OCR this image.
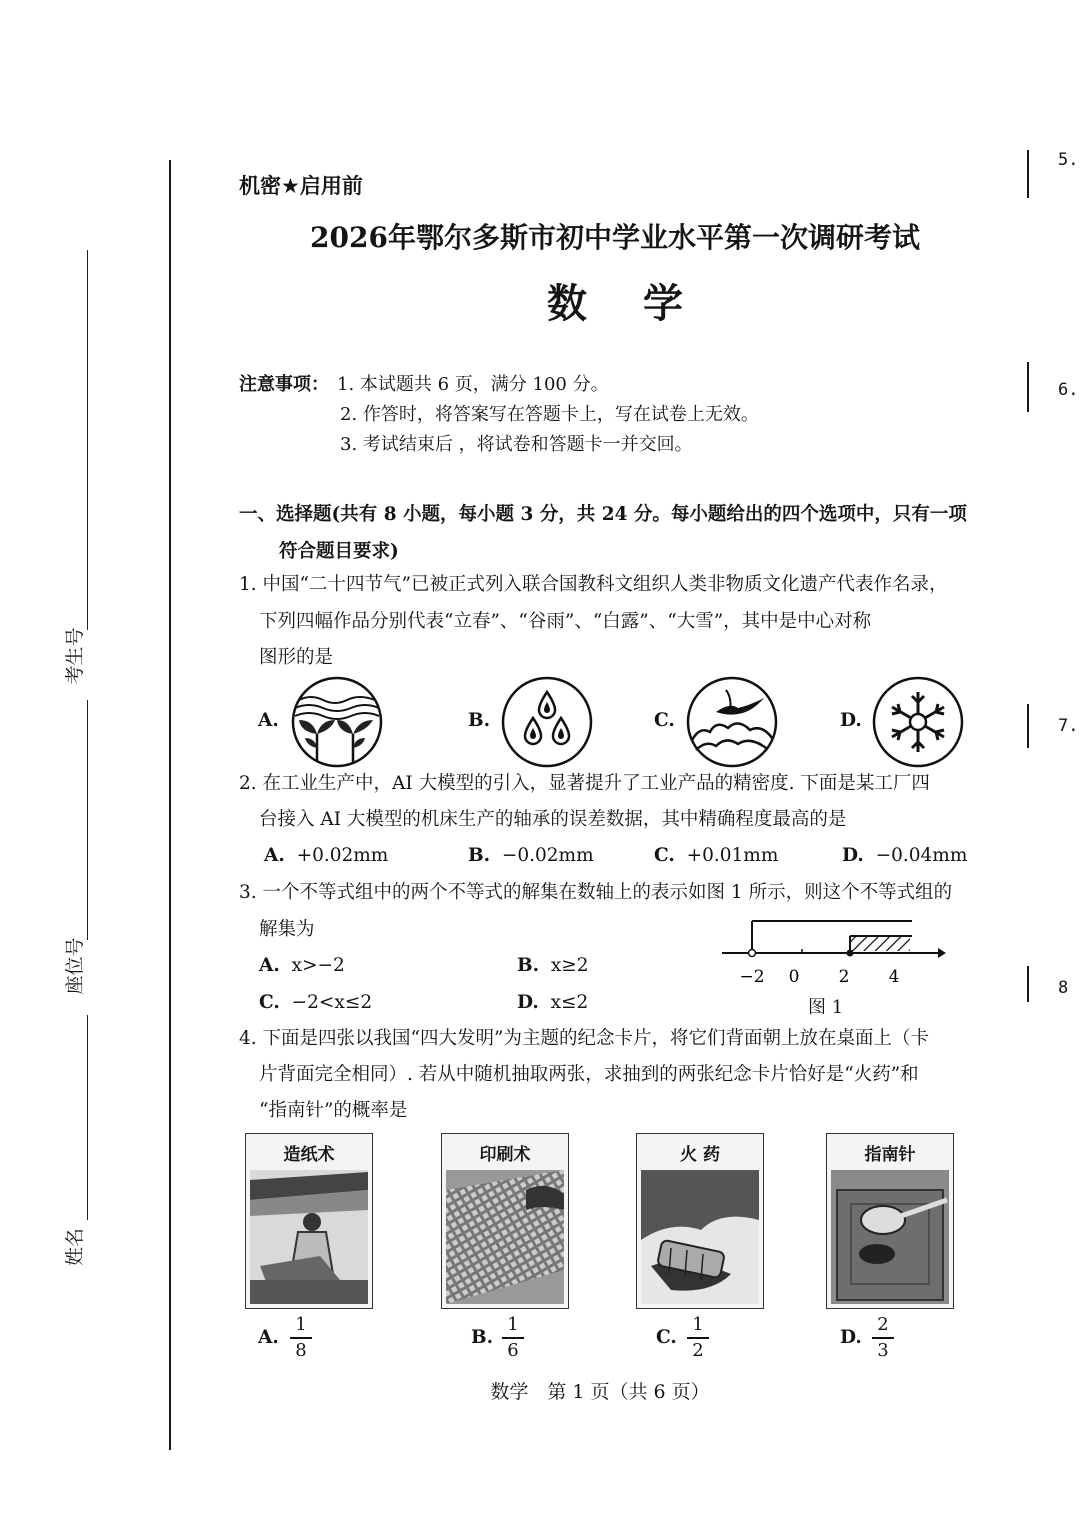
考生号
座位号
姓名
5.
6.
7.
8
机密★启用前
2026年鄂尔多斯市初中学业水平第一次调研考试
数学
注意事项： 1. 本试题共 6 页，满分 100 分。
2. 作答时，将答案写在答题卡上，写在试卷上无效。
3. 考试结束后 ，将试卷和答题卡一并交回。
一、选择题(共有 8 小题，每小题 3 分，共 24 分。每小题给出的四个选项中，只有一项
符合题目要求)
1. 中国“二十四节气”已被正式列入联合国教科文组织人类非物质文化遗产代表作名录，
下列四幅作品分别代表“立春”、“谷雨”、“白露”、“大雪”，其中是中心对称
图形的是
A.	B.	C.	D.
2. 在工业生产中，AI 大模型的引入，显著提升了工业产品的精密度. 下面是某工厂四
台接入 AI 大模型的机床生产的轴承的误差数据，其中精确程度最高的是
A. +0.02mm	B. −0.02mm	C. +0.01mm	D. −0.04mm
3. 一个不等式组中的两个不等式的解集在数轴上的表示如图 1 所示，则这个不等式组的
解集为
A. x>−2	B. x≥2
C. −2<x≤2	D. x≤2
−2 0 2 4
图 1
4. 下面是四张以我国“四大发明”为主题的纪念卡片，将它们背面朝上放在桌面上（卡
片背面完全相同）. 若从中随机抽取两张，求抽到的两张纪念卡片恰好是“火药”和
“指南针”的概率是
造纸术	印刷术	火 药	指南针
A.
1
8
B.
1
6
C.
1
2
D.
2
3
数学　第 1 页（共 6 页）
